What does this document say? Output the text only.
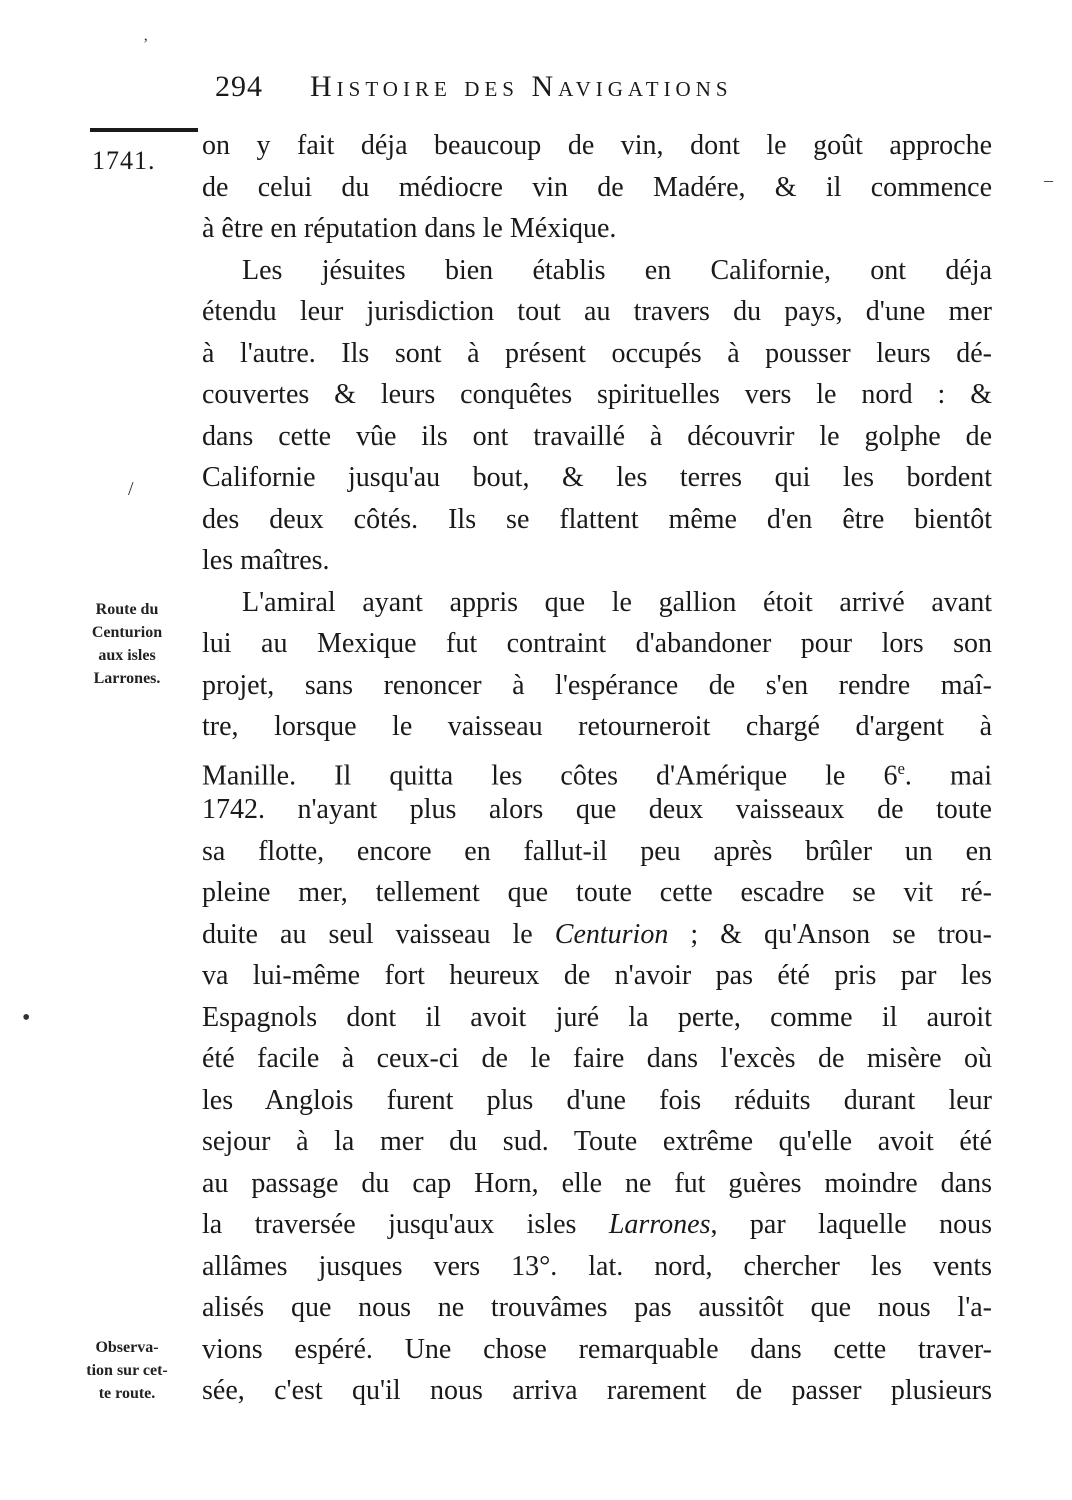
ʼ
–
/
•
294 Histoire des Navigations
1741. on y fait déja beaucoup de vin, dont le goût approche
de celui du médiocre vin de Madére, & il commence
à être en réputation dans le Méxique.
Les jésuites bien établis en Californie, ont déja
étendu leur jurisdiction tout au travers du pays, d'une mer
à l'autre. Ils sont à présent occupés à pousser leurs dé-
couvertes & leurs conquêtes spirituelles vers le nord : &
dans cette vûe ils ont travaillé à découvrir le golphe de
Californie jusqu'au bout, & les terres qui les bordent
des deux côtés. Ils se flattent même d'en être bientôt
les maîtres.
L'amiral ayant appris que le gallion étoit arrivé avant
lui au Mexique fut contraint d'abandoner pour lors son
projet, sans renoncer à l'espérance de s'en rendre maî-
tre, lorsque le vaisseau retourneroit chargé d'argent à
Manille. Il quitta les côtes d'Amérique le 6e. mai
1742. n'ayant plus alors que deux vaisseaux de toute
sa flotte, encore en fallut-il peu après brûler un en
pleine mer, tellement que toute cette escadre se vit ré-
duite au seul vaisseau le Centurion ; & qu'Anson se trou-
va lui-même fort heureux de n'avoir pas été pris par les
Espagnols dont il avoit juré la perte, comme il auroit
été facile à ceux-ci de le faire dans l'excès de misère où
les Anglois furent plus d'une fois réduits durant leur
sejour à la mer du sud. Toute extrême qu'elle avoit été
au passage du cap Horn, elle ne fut guères moindre dans
la traversée jusqu'aux isles Larrones, par laquelle nous
allâmes jusques vers 13°. lat. nord, chercher les vents
alisés que nous ne trouvâmes pas aussitôt que nous l'a-
vions espéré. Une chose remarquable dans cette traver-
sée, c'est qu'il nous arriva rarement de passer plusieurs
Route du
Centurion
aux isles
Larrones.
Observa-
tion sur cet-
te route.
